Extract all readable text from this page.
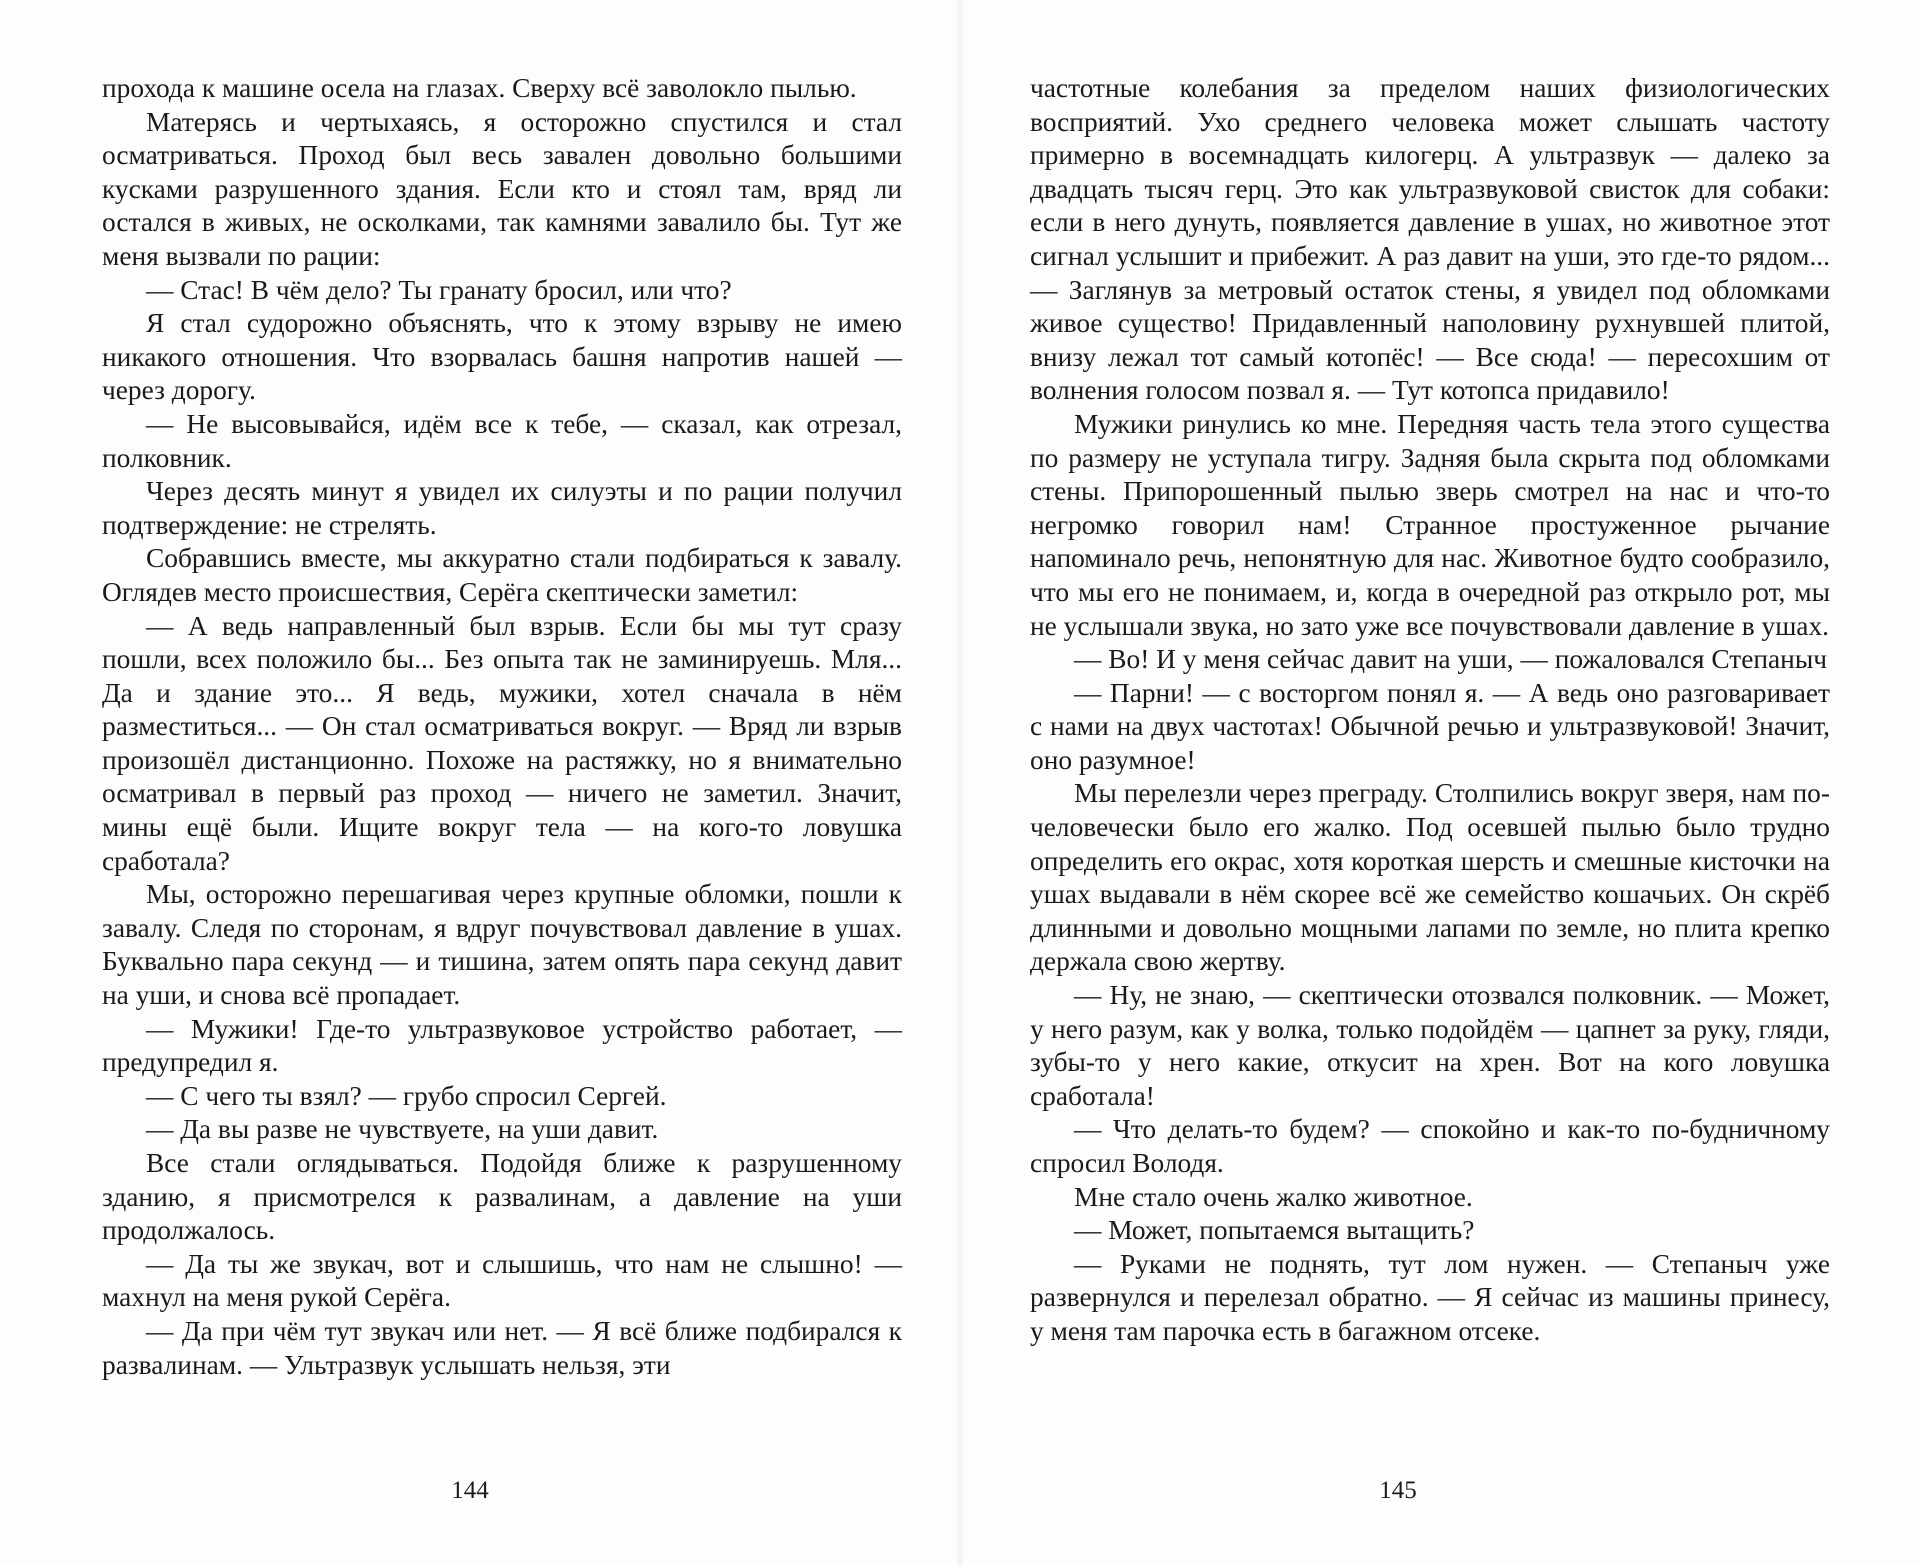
прохода к машине осела на глазах. Сверху всё заволокло пылью.

Матерясь и чертыхаясь, я осторожно спустился и стал осматриваться. Проход был весь завален довольно большими кусками разрушенного здания. Если кто и стоял там, вряд ли остался в живых, не осколками, так камнями завалило бы. Тут же меня вызвали по рации:

— Стас! В чём дело? Ты гранату бросил, или что?

Я стал судорожно объяснять, что к этому взрыву не имею никакого отношения. Что взорвалась башня напротив нашей — через дорогу.

— Не высовывайся, идём все к тебе, — сказал, как отрезал, полковник.

Через десять минут я увидел их силуэты и по рации получил подтверждение: не стрелять.

Собравшись вместе, мы аккуратно стали подбираться к завалу. Оглядев место происшествия, Серёга скептически заметил:

— А ведь направленный был взрыв. Если бы мы тут сразу пошли, всех положило бы... Без опыта так не заминируешь. Мля... Да и здание это... Я ведь, мужики, хотел сначала в нём разместиться... — Он стал осматриваться вокруг. — Вряд ли взрыв произошёл дистанционно. Похоже на растяжку, но я внимательно осматривал в первый раз проход — ничего не заметил. Значит, мины ещё были. Ищите вокруг тела — на кого-то ловушка сработала?

Мы, осторожно перешагивая через крупные обломки, пошли к завалу. Следя по сторонам, я вдруг почувствовал давление в ушах. Буквально пара секунд — и тишина, затем опять пара секунд давит на уши, и снова всё пропадает.

— Мужики! Где-то ультразвуковое устройство работает, — предупредил я.

— С чего ты взял? — грубо спросил Сергей.

— Да вы разве не чувствуете, на уши давит.

Все стали оглядываться. Подойдя ближе к разрушенному зданию, я присмотрелся к развалинам, а давление на уши продолжалось.

— Да ты же звукач, вот и слышишь, что нам не слышно! — махнул на меня рукой Серёга.

— Да при чём тут звукач или нет. — Я всё ближе подбирался к развалинам. — Ультразвук услышать нельзя, эти

144

частотные колебания за пределом наших физиологических восприятий. Ухо среднего человека может слышать частоту примерно в восемнадцать килогерц. А ультразвук — далеко за двадцать тысяч герц. Это как ультразвуковой свисток для собаки: если в него дунуть, появляется давление в ушах, но животное этот сигнал услышит и прибежит. А раз давит на уши, это где-то рядом... — Заглянув за метровый остаток стены, я увидел под обломками живое существо! Придавленный наполовину рухнувшей плитой, внизу лежал тот самый котопёс! — Все сюда! — пересохшим от волнения голосом позвал я. — Тут котопса придавило!

Мужики ринулись ко мне. Передняя часть тела этого существа по размеру не уступала тигру. Задняя была скрыта под обломками стены. Припорошенный пылью зверь смотрел на нас и что-то негромко говорил нам! Странное простуженное рычание напоминало речь, непонятную для нас. Животное будто сообразило, что мы его не понимаем, и, когда в очередной раз открыло рот, мы не услышали звука, но зато уже все почувствовали давление в ушах.

— Во! И у меня сейчас давит на уши, — пожаловался Степаныч

— Парни! — с восторгом понял я. — А ведь оно разговаривает с нами на двух частотах! Обычной речью и ультразвуковой! Значит, оно разумное!

Мы перелезли через преграду. Столпились вокруг зверя, нам по-человечески было его жалко. Под осевшей пылью было трудно определить его окрас, хотя короткая шерсть и смешные кисточки на ушах выдавали в нём скорее всё же семейство кошачьих. Он скрёб длинными и довольно мощными лапами по земле, но плита крепко держала свою жертву.

— Ну, не знаю, — скептически отозвался полковник. — Может, у него разум, как у волка, только подойдём — цапнет за руку, гляди, зубы-то у него какие, откусит на хрен. Вот на кого ловушка сработала!

— Что делать-то будем? — спокойно и как-то по-будничному спросил Володя.

Мне стало очень жалко животное.

— Может, попытаемся вытащить?

— Руками не поднять, тут лом нужен. — Степаныч уже развернулся и перелезал обратно. — Я сейчас из машины принесу, у меня там парочка есть в багажном отсеке.

145
